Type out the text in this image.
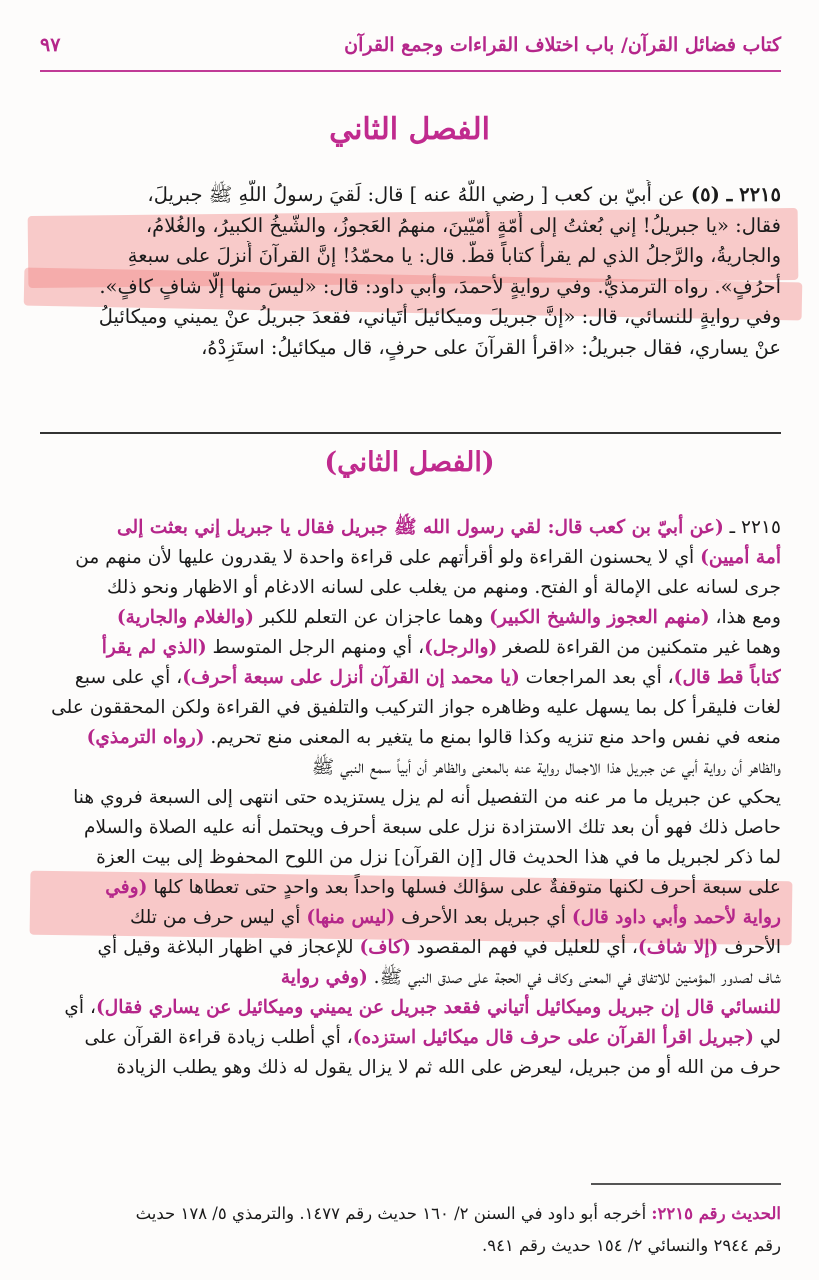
كتاب فضائل القرآن/ باب اختلاف القراءات وجمع القرآن
٩٧
الفصل الثاني
٢٢١٥ ـ (٥) عن أُبيّ بن كعب [ رضي اللّهُ عنه ] قال: لَقيَ رسولُ اللّهِ ﷺ جبريلَ،
فقال: «يا جبريلُ! إني بُعثتُ إلى أُمّةٍ أُمّيّينَ، منهمُ العَجوزُ، والشّيخُ الكبيرُ، والغُلامُ،
والجاريةُ، والرَّجلُ الذي لم يقرأْ كتاباً قطُّ. قال: يا محمّدُ! إنَّ القرآنَ أُنزلَ على سبعةِ
أحرُفٍ». رواه الترمذيُّ. وفي روايةٍ لأحمدَ، وأبي داود: قال: «ليسَ منها إلّا شافٍ كافٍ».
وفي روايةٍ للنسائي، قال: «إنَّ جبريلَ وميكائيلَ أتَياني، فقعدَ جبريلُ عنْ يميني وميكائيلُ
عنْ يساري، فقال جبريلُ: «اقرأ القرآنَ على حرفٍ، قال ميكائيلُ: استَزِدْهُ،
(الفصل الثاني)
٢٢١٥ ـ (عن أبيّ بن كعب قال: لقي رسول الله ﷺ جبريل فقال يا جبريل إني بعثت إلى
أمة أميين) أي لا يحسنون القراءة ولو أقرأتهم على قراءة واحدة لا يقدرون عليها لأن منهم من
جرى لسانه على الإمالة أو الفتح. ومنهم من يغلب على لسانه الادغام أو الاظهار ونحو ذلك
ومع هذا، (منهم العجوز والشيخ الكبير) وهما عاجزان عن التعلم للكبر (والغلام والجارية)
وهما غير متمكنين من القراءة للصغر (والرجل)، أي ومنهم الرجل المتوسط (الذي لم يقرأ
كتاباً قط قال)، أي بعد المراجعات (يا محمد إن القرآن أنزل على سبعة أحرف)، أي على سبع
لغات فليقرأ كل بما يسهل عليه وظاهره جواز التركيب والتلفيق في القراءة ولكن المحققون على
منعه في نفس واحد منع تنزيه وكذا قالوا بمنع ما يتغير به المعنى منع تحريم. (رواه الترمذي)
والظاهر أن رواية أبي عن جبريل هذا الاجمال رواية عنه بالمعنى والظاهر أن أبياً سمع النبي ﷺ
يحكي عن جبريل ما مر عنه من التفصيل أنه لم يزل يستزيده حتى انتهى إلى السبعة فروي هنا
حاصل ذلك فهو أن بعد تلك الاستزادة نزل على سبعة أحرف ويحتمل أنه عليه الصلاة والسلام
لما ذكر لجبريل ما في هذا الحديث قال [إن القرآن] نزل من اللوح المحفوظ إلى بيت العزة
على سبعة أحرف لكنها متوقفةٌ على سؤالك فسلها واحداً بعد واحدٍ حتى تعطاها كلها (وفي
رواية لأحمد وأبي داود قال) أي جبريل بعد الأحرف (ليس منها) أي ليس حرف من تلك
الأحرف (إلا شاف)، أي للعليل في فهم المقصود (كاف) للإعجاز في اظهار البلاغة وقيل أي
شاف لصدور المؤمنين للاتفاق في المعنى وكاف في الحجة على صدق النبي ﷺ. (وفي رواية
للنسائي قال إن جبريل وميكائيل أتياني فقعد جبريل عن يميني وميكائيل عن يساري فقال)، أي
لي (جبريل اقرأ القرآن على حرف قال ميكائيل استزده)، أي أطلب زيادة قراءة القرآن على
حرف من الله أو من جبريل، ليعرض على الله ثم لا يزال يقول له ذلك وهو يطلب الزيادة
الحديث رقم ٢٢١٥: أخرجه أبو داود في السنن ٢/ ١٦٠ حديث رقم ١٤٧٧. والترمذي ٥/ ١٧٨ حديث
رقم ٢٩٤٤ والنسائي ٢/ ١٥٤ حديث رقم ٩٤١.
